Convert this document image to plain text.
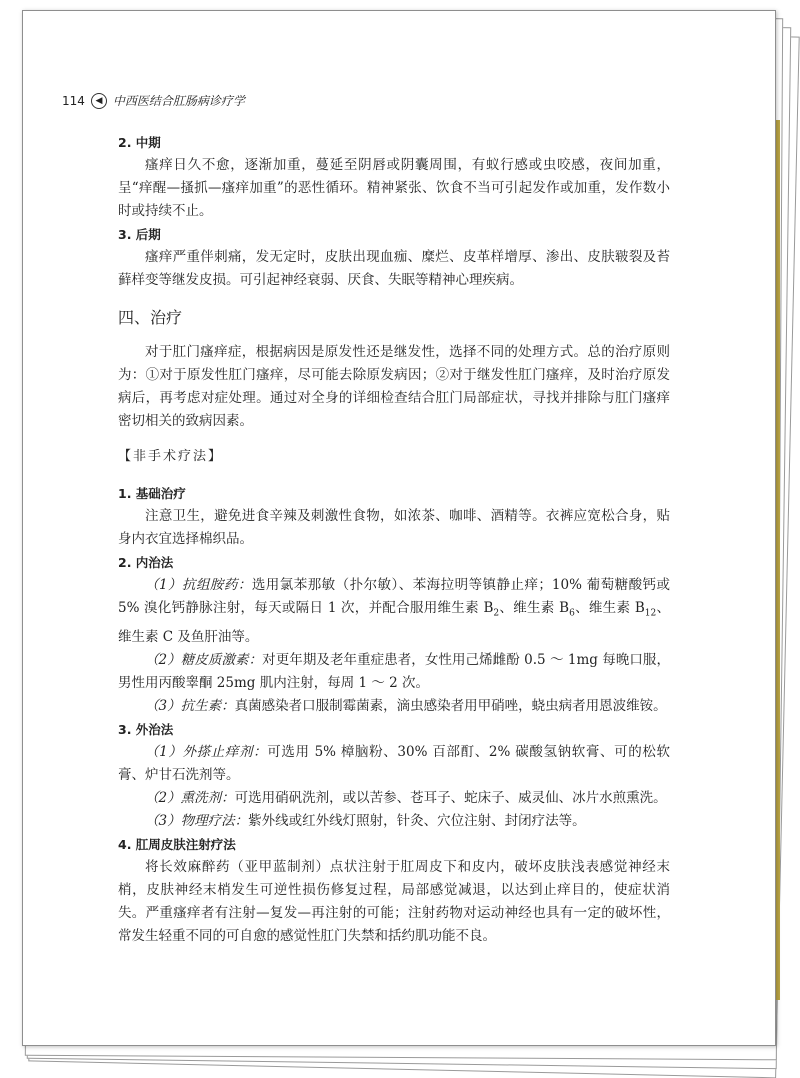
114	◀ 中西医结合肛肠病诊疗学

2. 中期

瘙痒日久不愈，逐渐加重，蔓延至阴唇或阴囊周围，有蚁行感或虫咬感，夜间加重，呈“痒醒—搔抓—瘙痒加重”的恶性循环。精神紧张、饮食不当可引起发作或加重，发作数小时或持续不止。

3. 后期

瘙痒严重伴刺痛，发无定时，皮肤出现血痂、糜烂、皮革样增厚、渗出、皮肤皲裂及苔藓样变等继发皮损。可引起神经衰弱、厌食、失眠等精神心理疾病。

四、治疗

对于肛门瘙痒症，根据病因是原发性还是继发性，选择不同的处理方式。总的治疗原则为：①对于原发性肛门瘙痒，尽可能去除原发病因；②对于继发性肛门瘙痒，及时治疗原发病后，再考虑对症处理。通过对全身的详细检查结合肛门局部症状，寻找并排除与肛门瘙痒密切相关的致病因素。

【非手术疗法】

1. 基础治疗

注意卫生，避免进食辛辣及刺激性食物，如浓茶、咖啡、酒精等。衣裤应宽松合身，贴身内衣宜选择棉织品。

2. 内治法

（1）抗组胺药：选用氯苯那敏（扑尔敏）、苯海拉明等镇静止痒；10% 葡萄糖酸钙或 5% 溴化钙静脉注射，每天或隔日 1 次，并配合服用维生素 $B_2$、维生素 $B_6$、维生素 $B_{12}$、维生素 C 及鱼肝油等。

（2）糖皮质激素：对更年期及老年重症患者，女性用己烯雌酚 0.5 ～ 1mg 每晚口服，男性用丙酸睾酮 25mg 肌内注射，每周 1 ～ 2 次。

（3）抗生素：真菌感染者口服制霉菌素，滴虫感染者用甲硝唑，蛲虫病者用恩波维铵。

3. 外治法

（1）外搽止痒剂：可选用 5% 樟脑粉、30% 百部酊、2% 碳酸氢钠软膏、可的松软膏、炉甘石洗剂等。

（2）熏洗剂：可选用硝矾洗剂，或以苦参、苍耳子、蛇床子、威灵仙、冰片水煎熏洗。

（3）物理疗法：紫外线或红外线灯照射，针灸、穴位注射、封闭疗法等。

4. 肛周皮肤注射疗法

将长效麻醉药（亚甲蓝制剂）点状注射于肛周皮下和皮内，破坏皮肤浅表感觉神经末梢，皮肤神经末梢发生可逆性损伤修复过程，局部感觉减退，以达到止痒目的，使症状消失。严重瘙痒者有注射—复发—再注射的可能；注射药物对运动神经也具有一定的破坏性，常发生轻重不同的可自愈的感觉性肛门失禁和括约肌功能不良。
